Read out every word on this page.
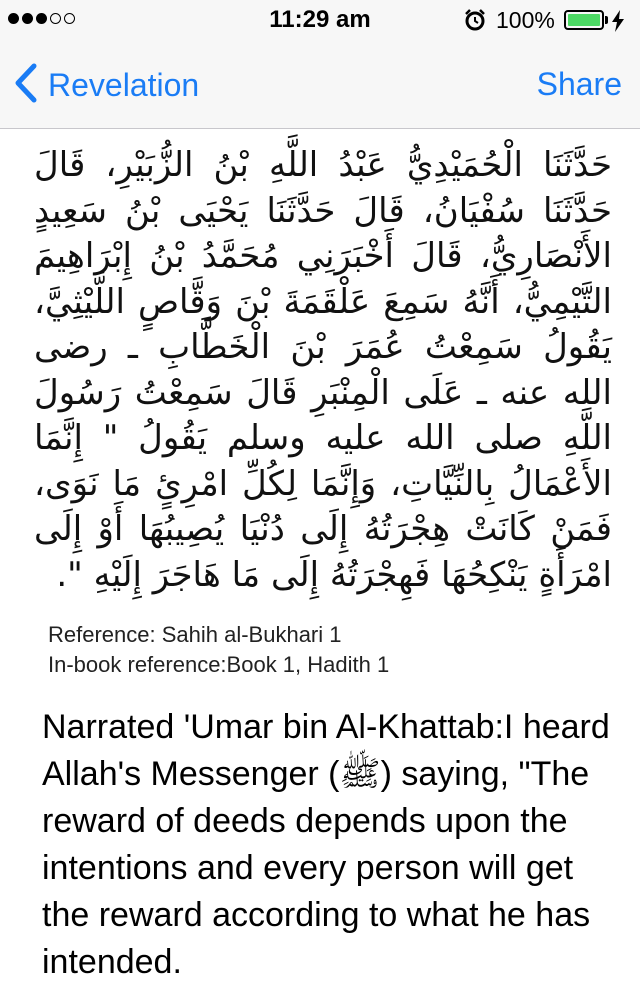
11:29 am	100%
Revelation	Share
حَدَّثَنَا الْحُمَيْدِيُّ عَبْدُ اللَّهِ بْنُ الزُّبَيْرِ، قَالَ حَدَّثَنَا سُفْيَانُ، قَالَ حَدَّثَنَا يَحْيَى بْنُ سَعِيدٍ الأَنْصَارِيُّ، قَالَ أَخْبَرَنِي مُحَمَّدُ بْنُ إِبْرَاهِيمَ التَّيْمِيُّ، أَنَّهُ سَمِعَ عَلْقَمَةَ بْنَ وَقَّاصٍ اللَّيْثِيَّ، يَقُولُ سَمِعْتُ عُمَرَ بْنَ الْخَطَّابِ ـ رضى الله عنه ـ عَلَى الْمِنْبَرِ قَالَ سَمِعْتُ رَسُولَ اللَّهِ صلى الله عليه وسلم يَقُولُ " إِنَّمَا الأَعْمَالُ بِالنِّيَّاتِ، وَإِنَّمَا لِكُلِّ امْرِئٍ مَا نَوَى، فَمَنْ كَانَتْ هِجْرَتُهُ إِلَى دُنْيَا يُصِيبُهَا أَوْ إِلَى امْرَأَةٍ يَنْكِحُهَا فَهِجْرَتُهُ إِلَى مَا هَاجَرَ إِلَيْهِ ".
Reference: Sahih al-Bukhari 1
In-book reference:Book 1, Hadith 1
Narrated 'Umar bin Al-Khattab:I heard Allah's Messenger (ﷺ) saying, "The reward of deeds depends upon the intentions and every person will get the reward according to what he has intended.
